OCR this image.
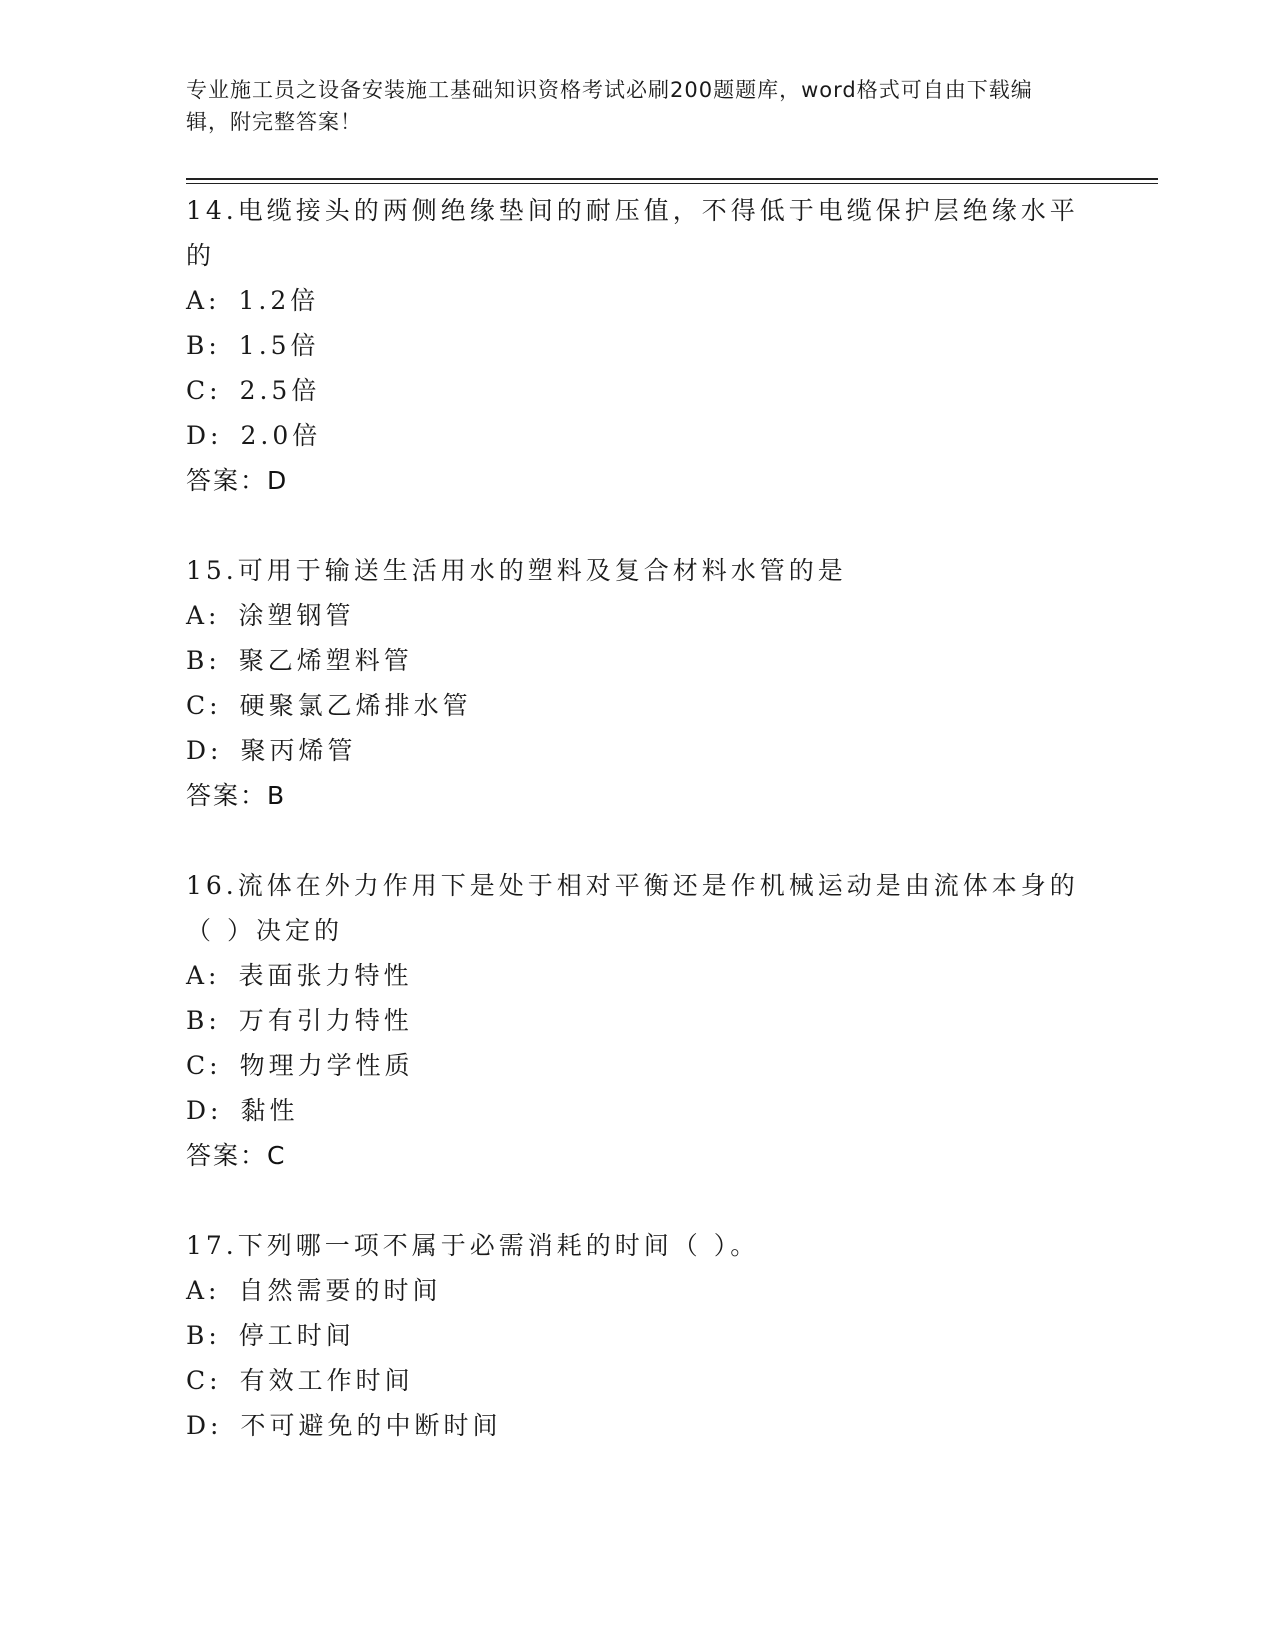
专业施工员之设备安装施工基础知识资格考试必刷200题题库，word格式可自由下载编辑，附完整答案！

14.电缆接头的两侧绝缘垫间的耐压值，不得低于电缆保护层绝缘水平的

A: 1.2倍

B: 1.5倍

C: 2.5倍

D: 2.0倍

答案：D

15.可用于输送生活用水的塑料及复合材料水管的是

A: 涂塑钢管

B: 聚乙烯塑料管

C: 硬聚氯乙烯排水管

D: 聚丙烯管

答案：B

16.流体在外力作用下是处于相对平衡还是作机械运动是由流体本身的（ ）决定的

A: 表面张力特性

B: 万有引力特性

C: 物理力学性质

D: 黏性

答案：C

17.下列哪一项不属于必需消耗的时间（ ）。

A: 自然需要的时间

B: 停工时间

C: 有效工作时间

D: 不可避免的中断时间
